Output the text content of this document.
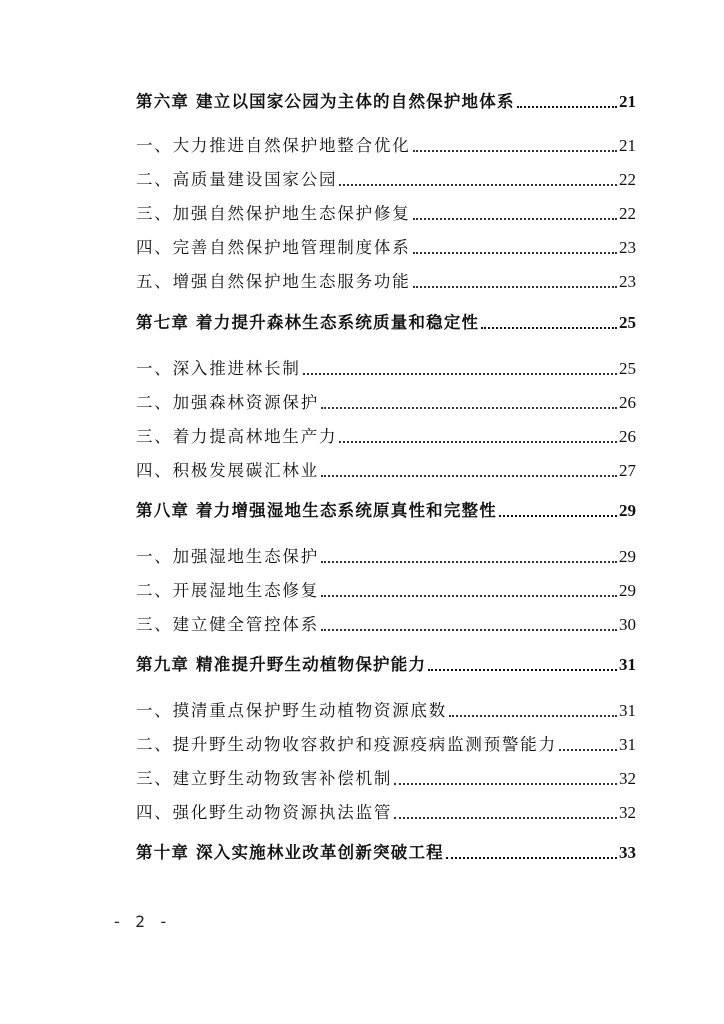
第六章 建立以国家公园为主体的自然保护地体系	21
一、大力推进自然保护地整合优化	21
二、高质量建设国家公园	22
三、加强自然保护地生态保护修复	22
四、完善自然保护地管理制度体系	23
五、增强自然保护地生态服务功能	23
第七章 着力提升森林生态系统质量和稳定性	25
一、深入推进林长制	25
二、加强森林资源保护	26
三、着力提高林地生产力	26
四、积极发展碳汇林业	27
第八章 着力增强湿地生态系统原真性和完整性	29
一、加强湿地生态保护	29
二、开展湿地生态修复	29
三、建立健全管控体系	30
第九章 精准提升野生动植物保护能力	31
一、摸清重点保护野生动植物资源底数	31
二、提升野生动物收容救护和疫源疫病监测预警能力	31
三、建立野生动物致害补偿机制	32
四、强化野生动物资源执法监管	32
第十章 深入实施林业改革创新突破工程	33
- 2 -
